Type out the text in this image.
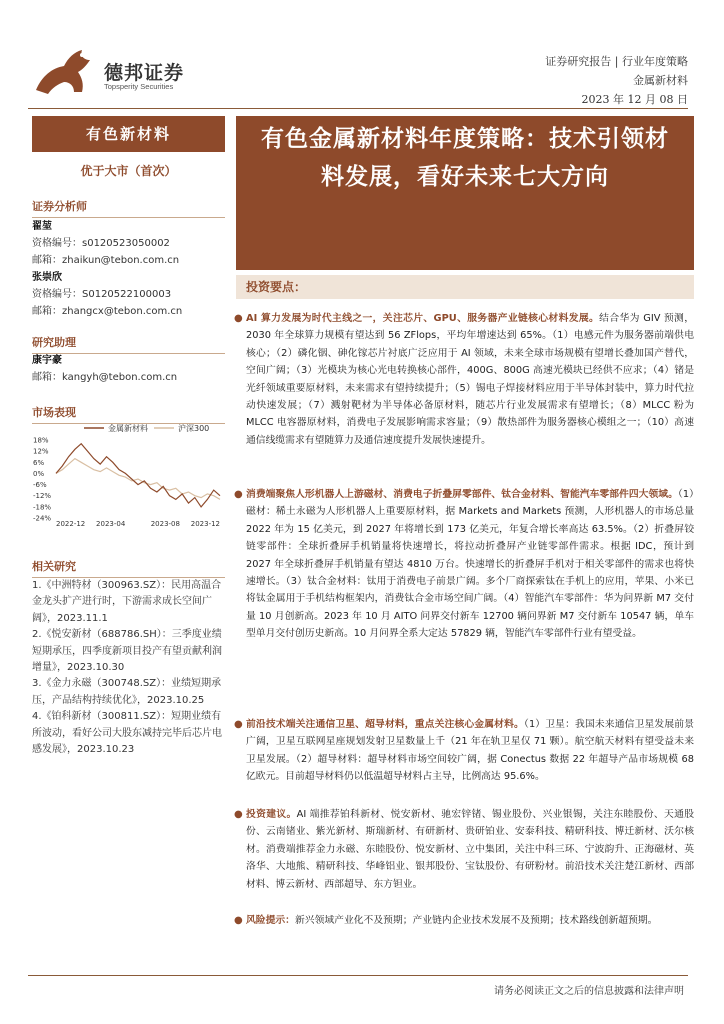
德邦证券
Topsperity Securities
证券研究报告 | 行业年度策略
金属新材料
2023 年 12 月 08 日
有色新材料
优于大市（首次）
证券分析师
翟堃
资格编号：s0120523050002
邮箱：zhaikun@tebon.com.cn
张崇欣
资格编号：S0120522100003
邮箱：zhangcx@tebon.com.cn
研究助理
康宇豪
邮箱：kangyh@tebon.com.cn
市场表现
金属新材料	沪深300
18%
12%
6%
0%
-6%
-12%
-18%
-24%
2022-12 2023-04	2023-08 2023-12
相关研究
1.《中洲特材（300963.SZ）：民用高温合金龙头扩产进行时，下游需求成长空间广阔》，2023.11.1
2.《悦安新材（688786.SH）：三季度业绩短期承压，四季度新项目投产有望贡献利润增量》，2023.10.30
3.《金力永磁（300748.SZ）：业绩短期承压，产品结构持续优化》，2023.10.25
4.《铂科新材（300811.SZ）：短期业绩有所波动，看好公司大股东减持完毕后芯片电感发展》，2023.10.23
有色金属新材料年度策略：技术引领材料发展，看好未来七大方向
投资要点：
● AI 算力发展为时代主线之一，关注芯片、GPU、服务器产业链核心材料发展。结合华为 GIV 预测，2030 年全球算力规模有望达到 56 ZFlops，平均年增速达到 65%。（1）电感元件为服务器前端供电核心；（2）磷化铟、砷化镓芯片衬底广泛应用于 AI 领域，未来全球市场规模有望增长叠加国产替代，空间广阔；（3）光模块为核心光电转换核心部件，400G、800G 高速光模块已经供不应求；（4）锗是光纤领域重要原材料，未来需求有望持续提升；（5）锡电子焊接材料应用于半导体封装中，算力时代拉动快速发展；（7）溅射靶材为半导体必备原材料，随芯片行业发展需求有望增长；（8）MLCC 粉为 MLCC 电容器原材料，消费电子发展影响需求容量；（9）散热部件为服务器核心模组之一；（10）高速通信线缆需求有望随算力及通信速度提升发展快速提升。
● 消费端聚焦人形机器人上游磁材、消费电子折叠屏零部件、钛合金材料、智能汽车零部件四大领域。（1）磁材：稀土永磁为人形机器人上重要原材料，据 Markets and Markets 预测，人形机器人的市场总量 2022 年为 15 亿美元，到 2027 年将增长到 173 亿美元，年复合增长率高达 63.5%。（2）折叠屏铰链零部件：全球折叠屏手机销量将快速增长，将拉动折叠屏产业链零部件需求。根据 IDC，预计到 2027 年全球折叠屏手机销量有望达 4810 万台。快速增长的折叠屏手机对于相关零部件的需求也将快速增长。（3）钛合金材料：钛用于消费电子前景广阔。多个厂商探索钛在手机上的应用，苹果、小米已将钛金属用于手机结构框架内，消费钛合金市场空间广阔。（4）智能汽车零部件：华为问界新 M7 交付量 10 月创新高。2023 年 10 月 AITO 问界交付新车 12700 辆问界新 M7 交付新车 10547 辆，单车型单月交付创历史新高。10 月问界全系大定达 57829 辆，智能汽车零部件行业有望受益。
● 前沿技术端关注通信卫星、超导材料，重点关注核心金属材料。（1）卫星：我国未来通信卫星发展前景广阔，卫星互联网星座规划发射卫星数量上千（21 年在轨卫星仅 71 颗）。航空航天材料有望受益未来卫星发展。（2）超导材料：超导材料市场空间较广阔，据 Conectus 数据 22 年超导产品市场规模 68 亿欧元。目前超导材料仍以低温超导材料占主导，比例高达 95.6%。
● 投资建议。AI 端推荐铂科新材、悦安新材、驰宏锌锗、锡业股份、兴业银锡，关注东睦股份、天通股份、云南锗业、紫光新材、斯瑞新材、有研新材、贵研铂业、安泰科技、精研科技、博迁新材、沃尔核材。消费端推荐金力永磁、东睦股份、悦安新材、立中集团，关注中科三环、宁波韵升、正海磁材、英洛华、大地熊、精研科技、华峰铝业、银邦股份、宝钛股份、有研粉材。前沿技术关注楚江新材、西部材料、博云新材、西部超导、东方钽业。
● 风险提示：新兴领域产业化不及预期；产业链内企业技术发展不及预期；技术路线创新超预期。
请务必阅读正文之后的信息披露和法律声明
